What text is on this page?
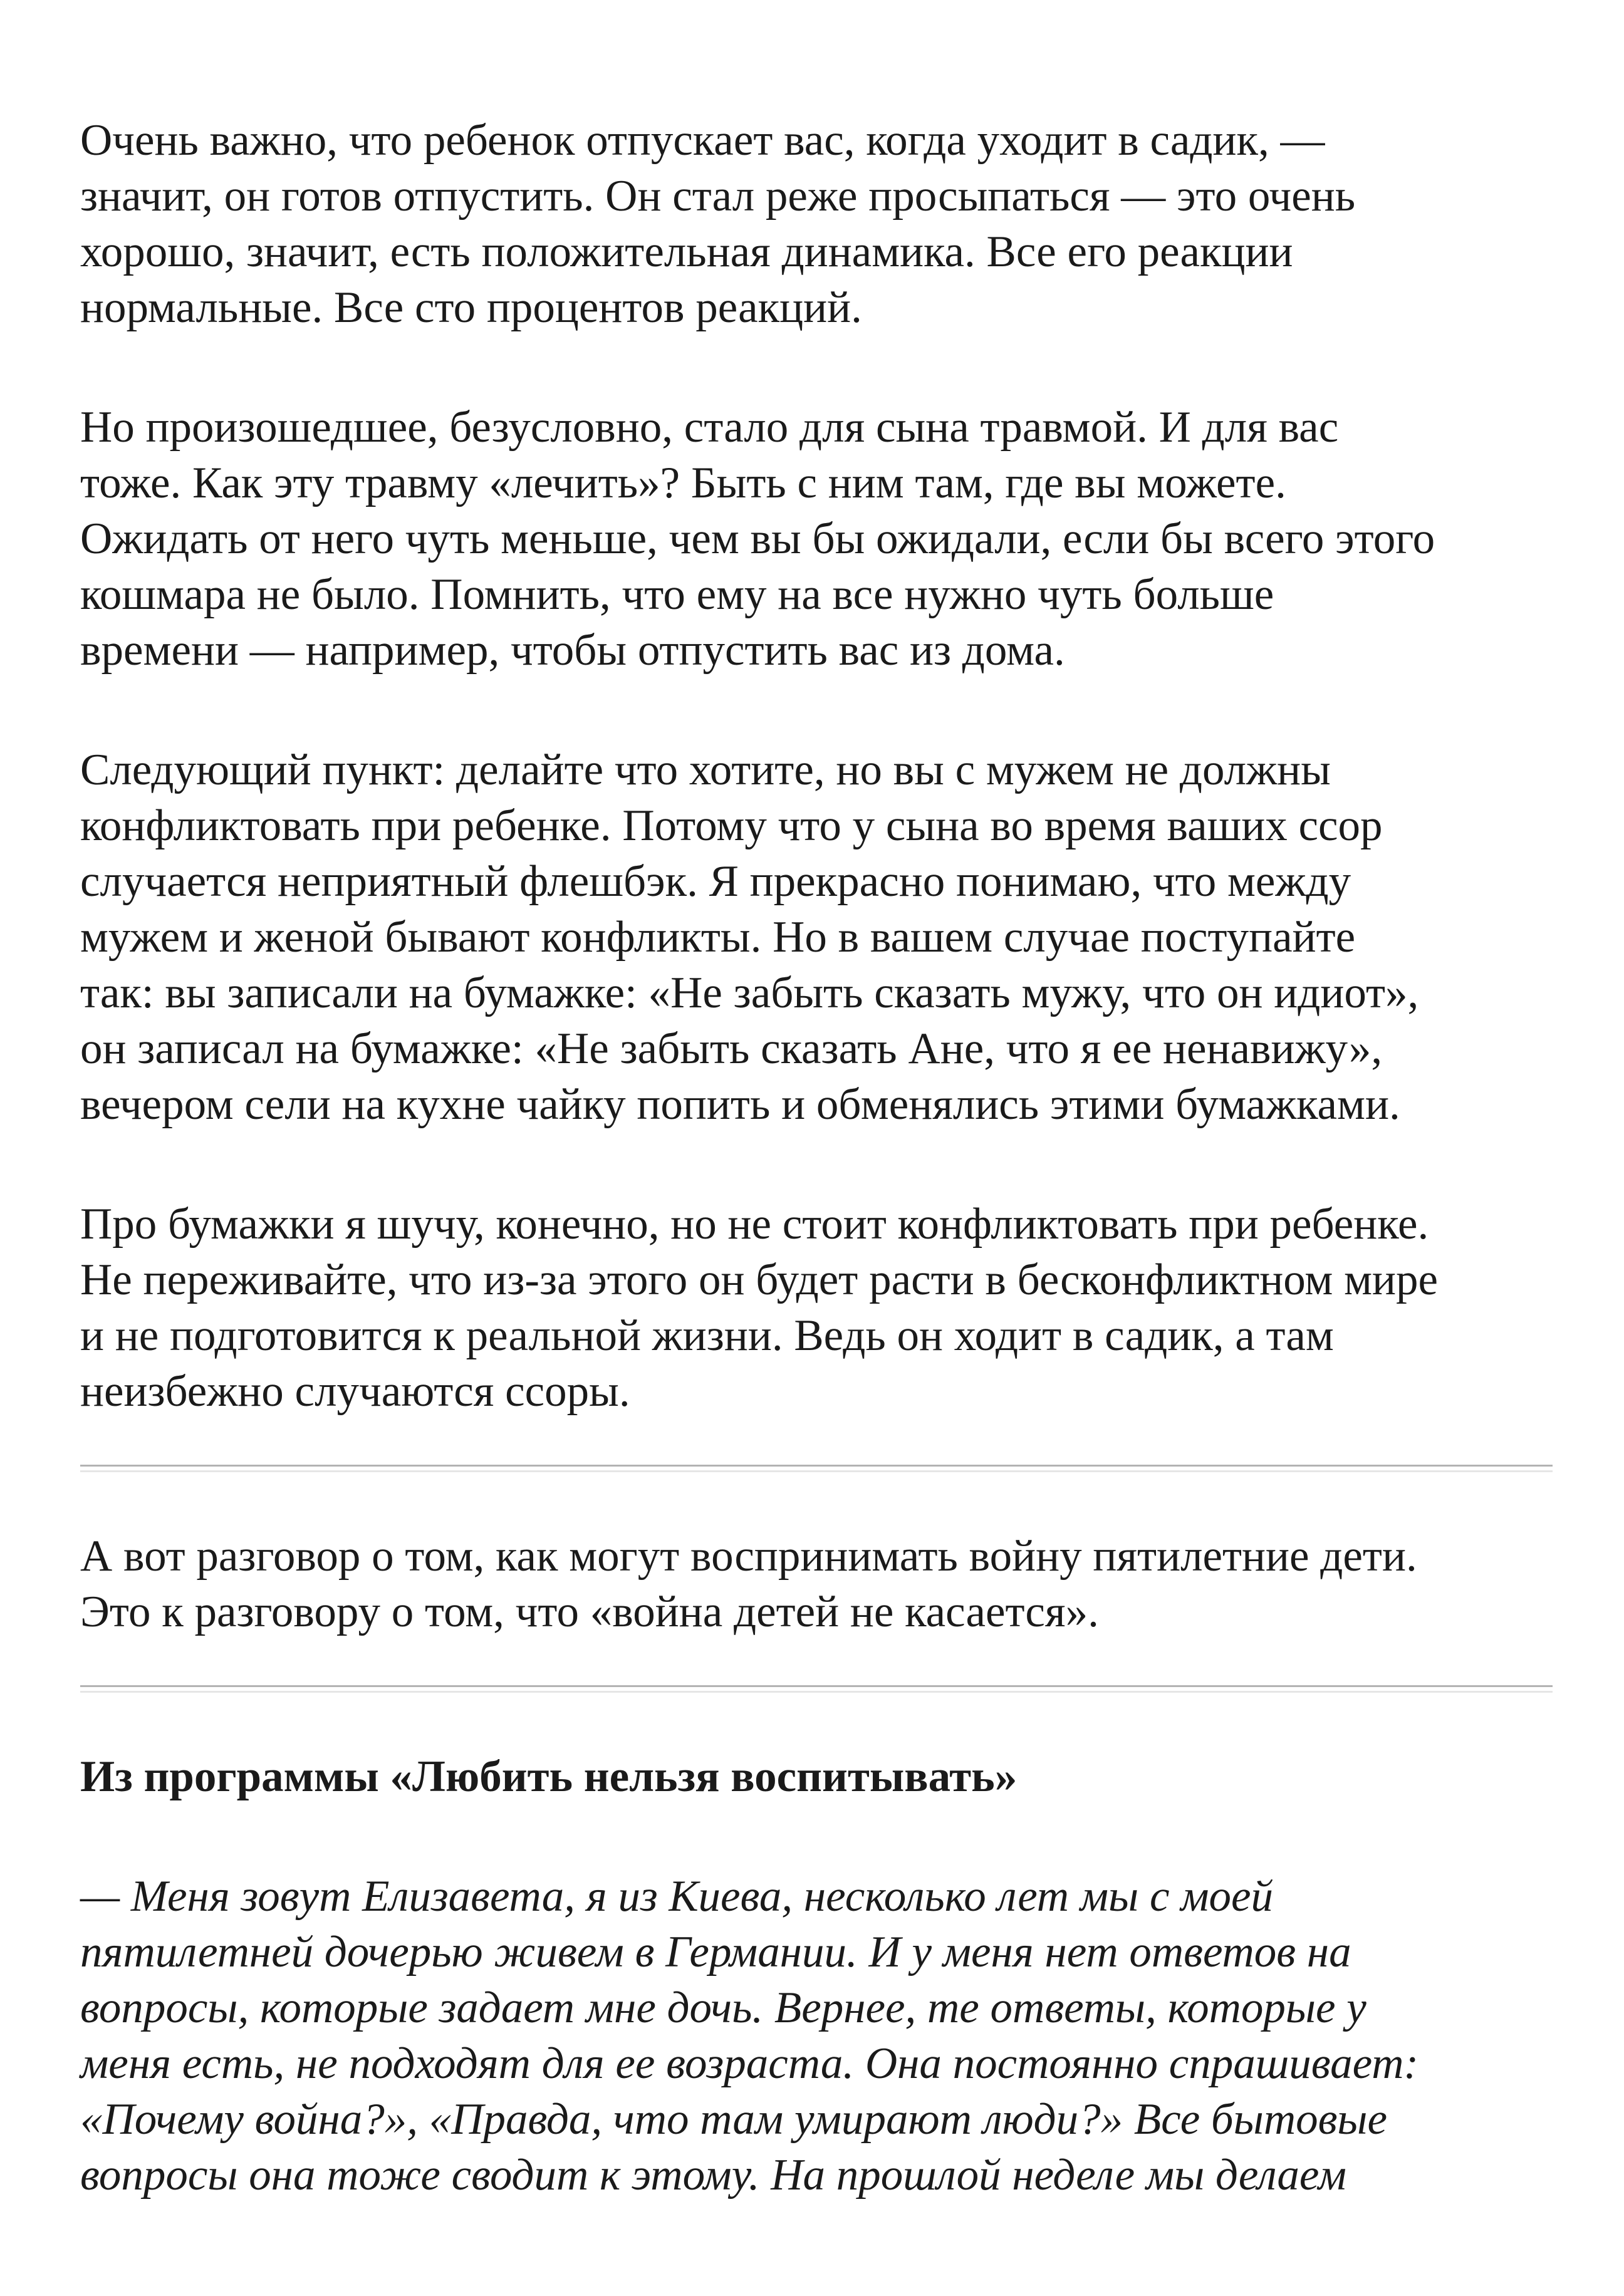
Очень важно, что ребенок отпускает вас, когда уходит в садик, —
значит, он готов отпустить. Он стал реже просыпаться — это очень
хорошо, значит, есть положительная динамика. Все его реакции
нормальные. Все сто процентов реакций.

Но произошедшее, безусловно, стало для сына травмой. И для вас
тоже. Как эту травму «лечить»? Быть с ним там, где вы можете.
Ожидать от него чуть меньше, чем вы бы ожидали, если бы всего этого
кошмара не было. Помнить, что ему на все нужно чуть больше
времени — например, чтобы отпустить вас из дома.

Следующий пункт: делайте что хотите, но вы с мужем не должны
конфликтовать при ребенке. Потому что у сына во время ваших ссор
случается неприятный флешбэк. Я прекрасно понимаю, что между
мужем и женой бывают конфликты. Но в вашем случае поступайте
так: вы записали на бумажке: «Не забыть сказать мужу, что он идиот»,
он записал на бумажке: «Не забыть сказать Ане, что я ее ненавижу»,
вечером сели на кухне чайку попить и обменялись этими бумажками.

Про бумажки я шучу, конечно, но не стоит конфликтовать при ребенке.
Не переживайте, что из-за этого он будет расти в бесконфликтном мире
и не подготовится к реальной жизни. Ведь он ходит в садик, а там
неизбежно случаются ссоры.

А вот разговор о том, как могут воспринимать войну пятилетние дети.
Это к разговору о том, что «война детей не касается».

Из программы «Любить нельзя воспитывать»

— Меня зовут Елизавета, я из Киева, несколько лет мы с моей
пятилетней дочерью живем в Германии. И у меня нет ответов на
вопросы, которые задает мне дочь. Вернее, те ответы, которые у
меня есть, не подходят для ее возраста. Она постоянно спрашивает:
«Почему война?», «Правда, что там умирают люди?» Все бытовые
вопросы она тоже сводит к этому. На прошлой неделе мы делаем
